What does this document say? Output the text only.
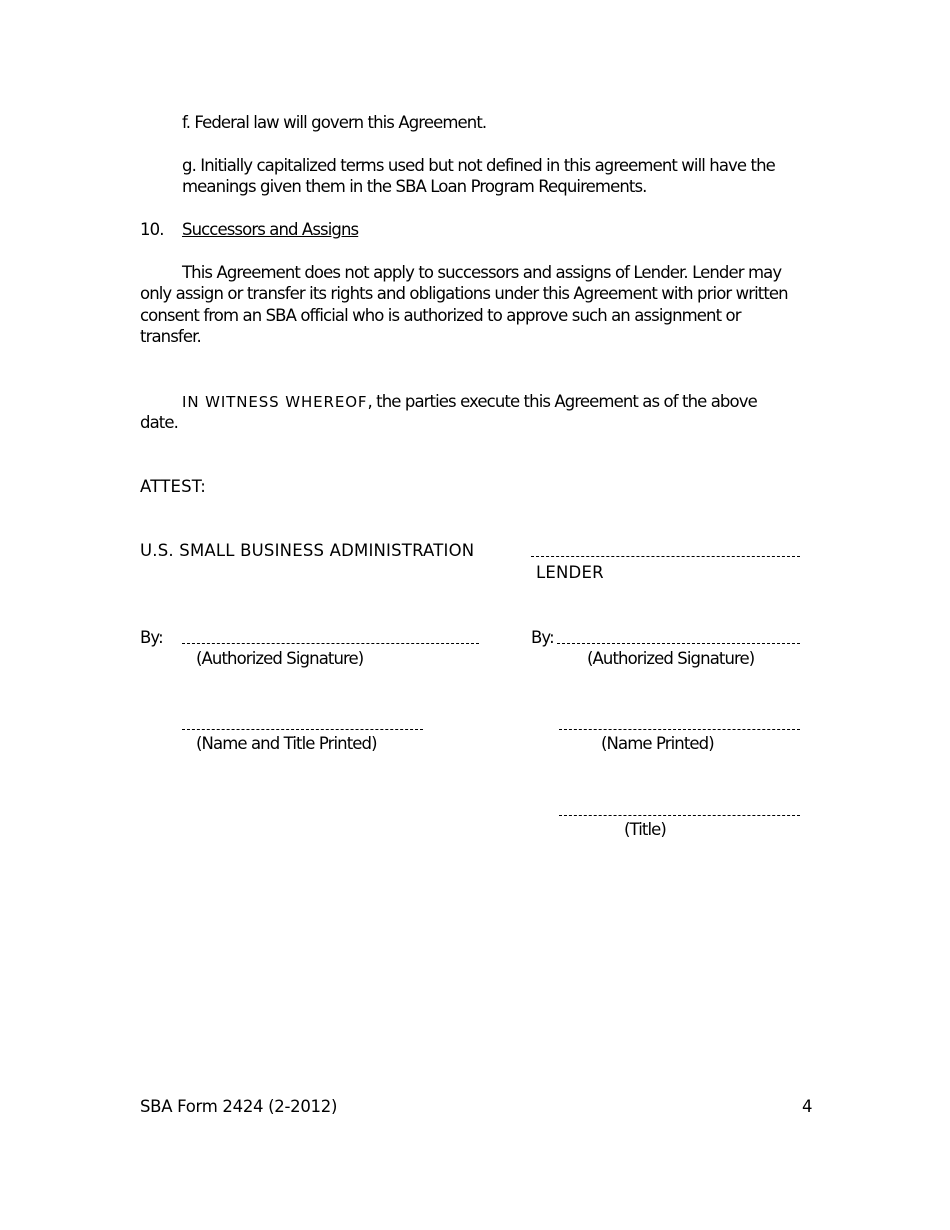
f. Federal law will govern this Agreement.
g. Initially capitalized terms used but not defined in this agreement will have the
meanings given them in the SBA Loan Program Requirements.
10. Successors and Assigns
This Agreement does not apply to successors and assigns of Lender. Lender may
only assign or transfer its rights and obligations under this Agreement with prior written
consent from an SBA official who is authorized to approve such an assignment or
transfer.
IN WITNESS WHEREOF, the parties execute this Agreement as of the above
date.
ATTEST:
U.S. SMALL BUSINESS ADMINISTRATION
LENDER
By:
(Authorized Signature)
By:
(Authorized Signature)
(Name and Title Printed)	(Name Printed)
(Title)
SBA Form 2424 (2-2012)	4
